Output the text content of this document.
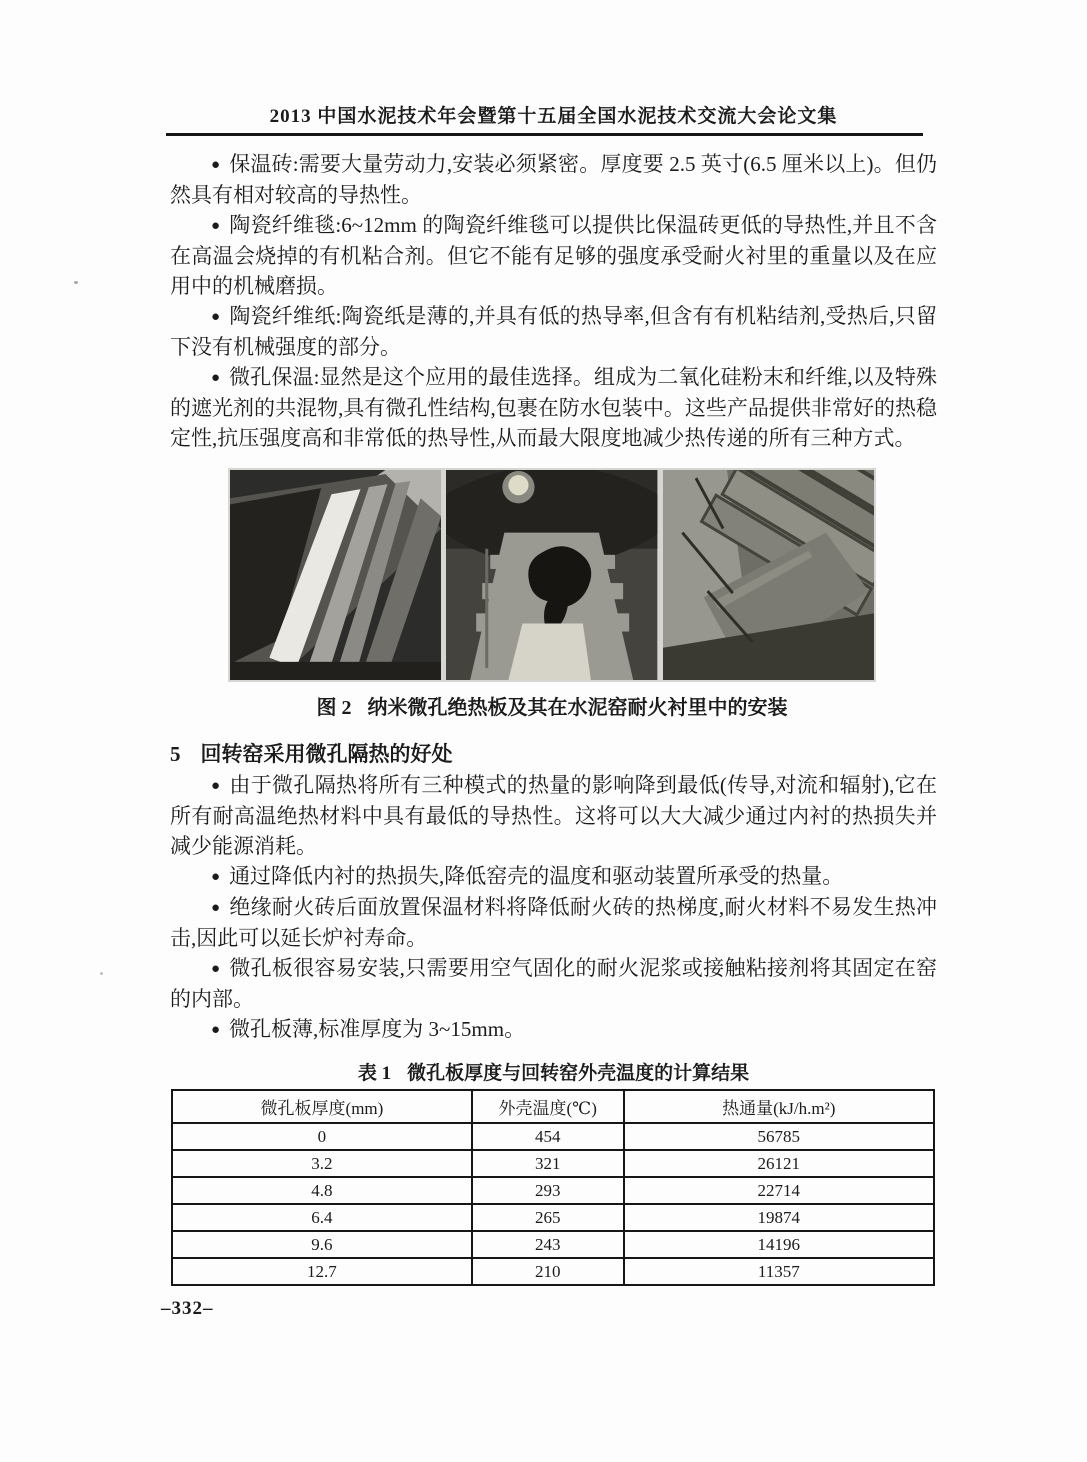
2013 中国水泥技术年会暨第十五届全国水泥技术交流大会论文集

● 保温砖:需要大量劳动力,安装必须紧密。厚度要 2.5 英寸(6.5 厘米以上)。但仍然具有相对较高的导热性。

● 陶瓷纤维毯:6~12mm 的陶瓷纤维毯可以提供比保温砖更低的导热性,并且不含在高温会烧掉的有机粘合剂。但它不能有足够的强度承受耐火衬里的重量以及在应用中的机械磨损。

● 陶瓷纤维纸:陶瓷纸是薄的,并具有低的热导率,但含有有机粘结剂,受热后,只留下没有机械强度的部分。

● 微孔保温:显然是这个应用的最佳选择。组成为二氧化硅粉末和纤维,以及特殊的遮光剂的共混物,具有微孔性结构,包裹在防水包装中。这些产品提供非常好的热稳定性,抗压强度高和非常低的热导性,从而最大限度地减少热传递的所有三种方式。

图 2 纳米微孔绝热板及其在水泥窑耐火衬里中的安装
5 回转窑采用微孔隔热的好处

● 由于微孔隔热将所有三种模式的热量的影响降到最低(传导,对流和辐射),它在所有耐高温绝热材料中具有最低的导热性。这将可以大大减少通过内衬的热损失并减少能源消耗。

● 通过降低内衬的热损失,降低窑壳的温度和驱动装置所承受的热量。

● 绝缘耐火砖后面放置保温材料将降低耐火砖的热梯度,耐火材料不易发生热冲击,因此可以延长炉衬寿命。

● 微孔板很容易安装,只需要用空气固化的耐火泥浆或接触粘接剂将其固定在窑的内部。

● 微孔板薄,标准厚度为 3~15mm。

表 1 微孔板厚度与回转窑外壳温度的计算结果
微孔板厚度(mm)	外壳温度(℃)	热通量(kJ/h.m²)
0	454	56785
3.2	321	26121
4.8	293	22714
6.4	265	19874
9.6	243	14196
12.7	210	11357
–332–
